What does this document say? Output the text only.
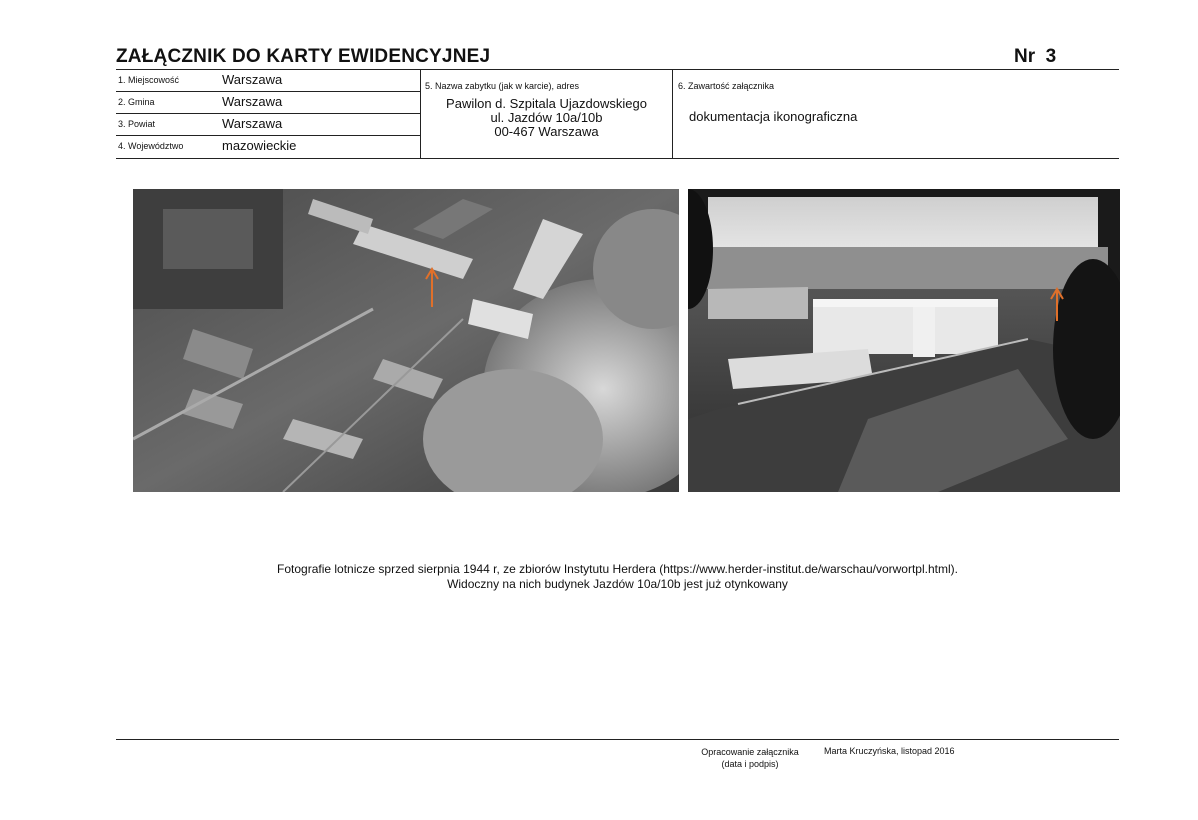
ZAŁĄCZNIK DO KARTY EWIDENCYJNEJ	Nr  3
1. Miejscowość	Warszawa
2. Gmina	Warszawa
3. Powiat	Warszawa
4. Województwo	mazowieckie
5. Nazwa zabytku (jak w karcie), adres
Pawilon d. Szpitala Ujazdowskiego
ul. Jazdów 10a/10b
00-467 Warszawa
6. Zawartość załącznika
dokumentacja ikonograficzna
Fotografie lotnicze sprzed sierpnia 1944 r, ze zbiorów Instytutu Herdera (https://www.herder-institut.de/warschau/vorwortpl.html).
Widoczny na nich budynek Jazdów 10a/10b jest już otynkowany
Opracowanie załącznika
(data i podpis)
Marta Kruczyńska, listopad 2016
